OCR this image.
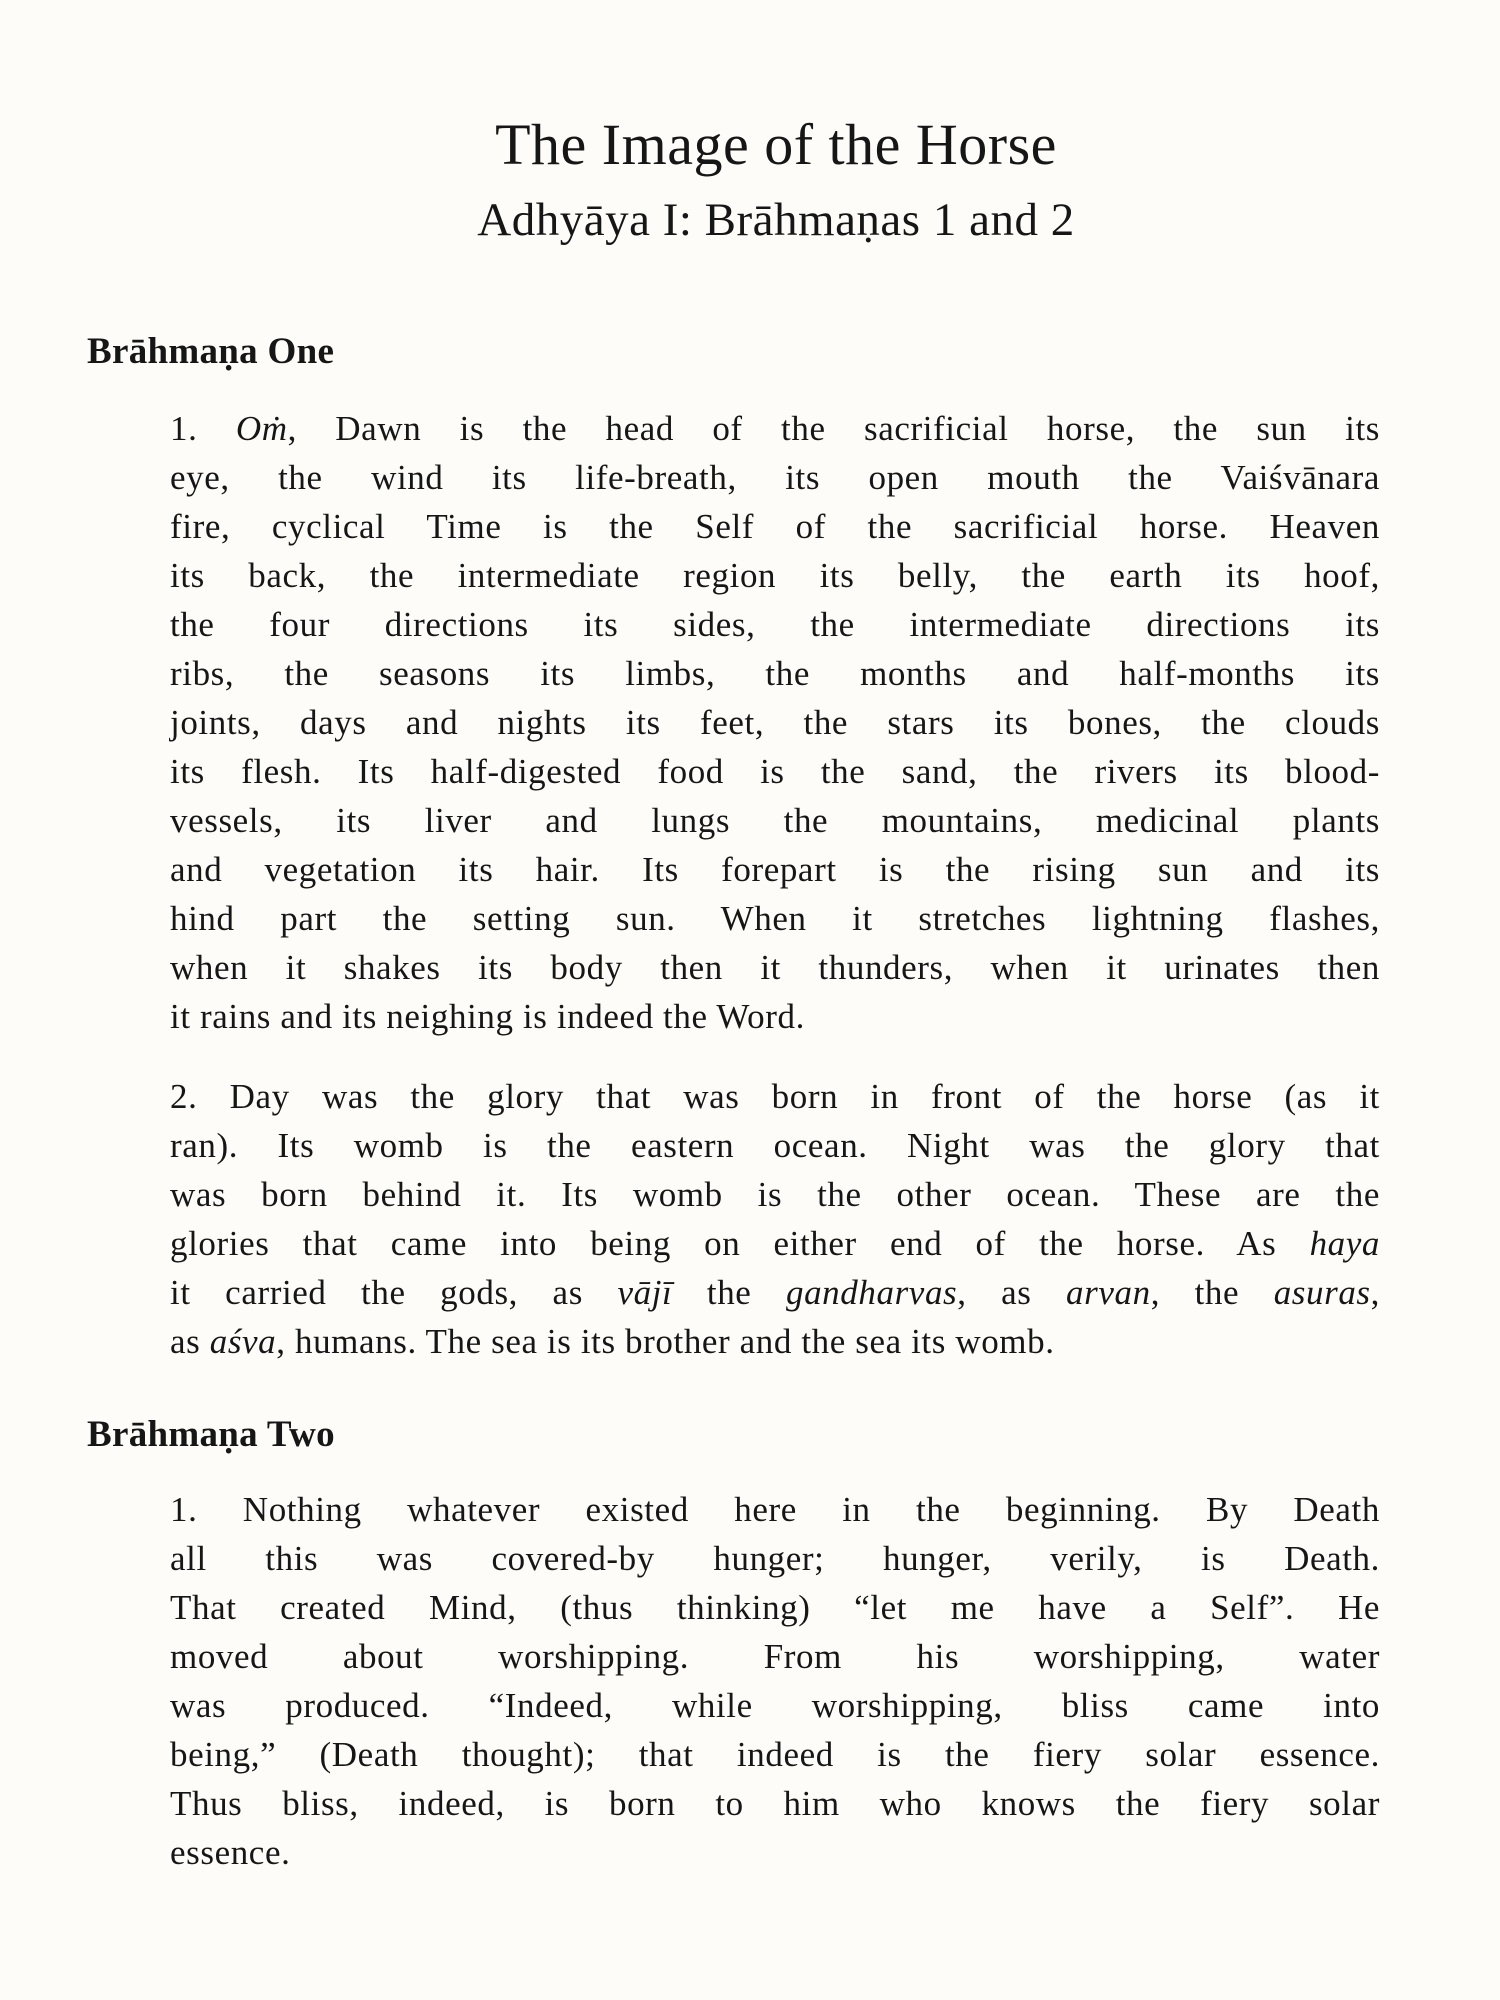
The Image of the Horse
Adhyāya I: Brāhmaṇas 1 and 2
Brāhmaṇa One
1. Oṁ, Dawn is the head of the sacrificial horse, the sun its
eye, the wind its life-breath, its open mouth the Vaiśvānara
fire, cyclical Time is the Self of the sacrificial horse. Heaven
its back, the intermediate region its belly, the earth its hoof,
the four directions its sides, the intermediate directions its
ribs, the seasons its limbs, the months and half-months its
joints, days and nights its feet, the stars its bones, the clouds
its flesh. Its half-digested food is the sand, the rivers its blood-
vessels, its liver and lungs the mountains, medicinal plants
and vegetation its hair. Its forepart is the rising sun and its
hind part the setting sun. When it stretches lightning flashes,
when it shakes its body then it thunders, when it urinates then
it rains and its neighing is indeed the Word.
2. Day was the glory that was born in front of the horse (as it
ran). Its womb is the eastern ocean. Night was the glory that
was born behind it. Its womb is the other ocean. These are the
glories that came into being on either end of the horse. As haya
it carried the gods, as vājī the gandharvas, as arvan, the asuras,
as aśva, humans. The sea is its brother and the sea its womb.
Brāhmaṇa Two
1. Nothing whatever existed here in the beginning. By Death
all this was covered-by hunger; hunger, verily, is Death.
That created Mind, (thus thinking) “let me have a Self”. He
moved about worshipping. From his worshipping, water
was produced. “Indeed, while worshipping, bliss came into
being,” (Death thought); that indeed is the fiery solar essence.
Thus bliss, indeed, is born to him who knows the fiery solar
essence.
